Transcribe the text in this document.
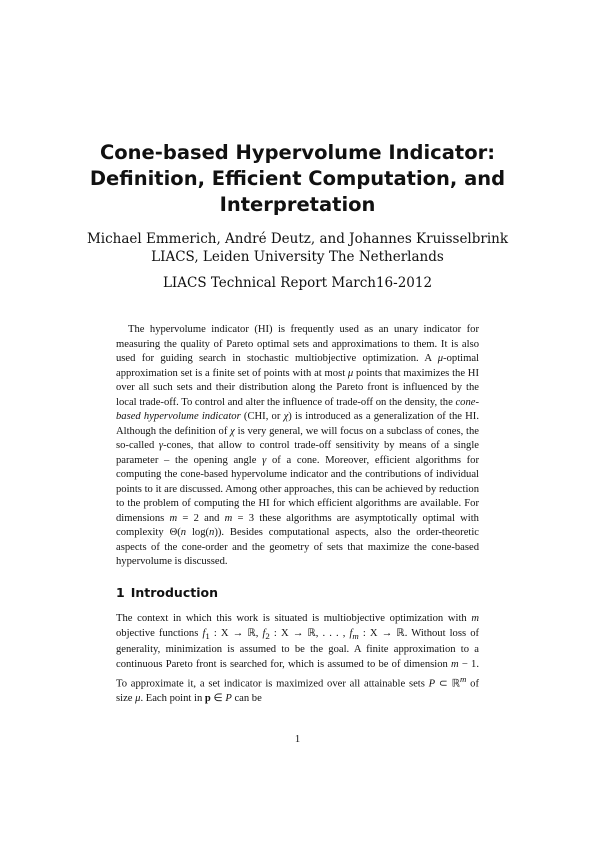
Cone-based Hypervolume Indicator:
Definition, Efficient Computation, and
Interpretation

Michael Emmerich, André Deutz, and Johannes Kruisselbrink
LIACS, Leiden University The Netherlands

LIACS Technical Report March16-2012

The hypervolume indicator (HI) is frequently used as an unary indicator for measuring the quality of Pareto optimal sets and approximations to them. It is also used for guiding search in stochastic multiobjective optimization. A μ-optimal approximation set is a finite set of points with at most μ points that maximizes the HI over all such sets and their distribution along the Pareto front is influenced by the local trade-off. To control and alter the influence of trade-off on the density, the cone-based hypervolume indicator (CHI, or χ) is introduced as a generalization of the HI. Although the definition of χ is very general, we will focus on a subclass of cones, the so-called γ-cones, that allow to control trade-off sensitivity by means of a single parameter – the opening angle γ of a cone. Moreover, efficient algorithms for computing the cone-based hypervolume indicator and the contributions of individual points to it are discussed. Among other approaches, this can be achieved by reduction to the problem of computing the HI for which efficient algorithms are available. For dimensions m = 2 and m = 3 these algorithms are asymptotically optimal with complexity Θ(n log(n)). Besides computational aspects, also the order-theoretic aspects of the cone-order and the geometry of sets that maximize the cone-based hypervolume is discussed.

1 Introduction

The context in which this work is situated is multiobjective optimization with m objective functions $f_1$ : X → ℝ, $f_2$ : X → ℝ, . . . , $f_m$ : X → ℝ. Without loss of generality, minimization is assumed to be the goal. A finite approximation to a continuous Pareto front is searched for, which is assumed to be of dimension m − 1. To approximate it, a set indicator is maximized over all attainable sets P ⊂ ℝ$^m$ of size μ. Each point in p ∈ P can be

1
